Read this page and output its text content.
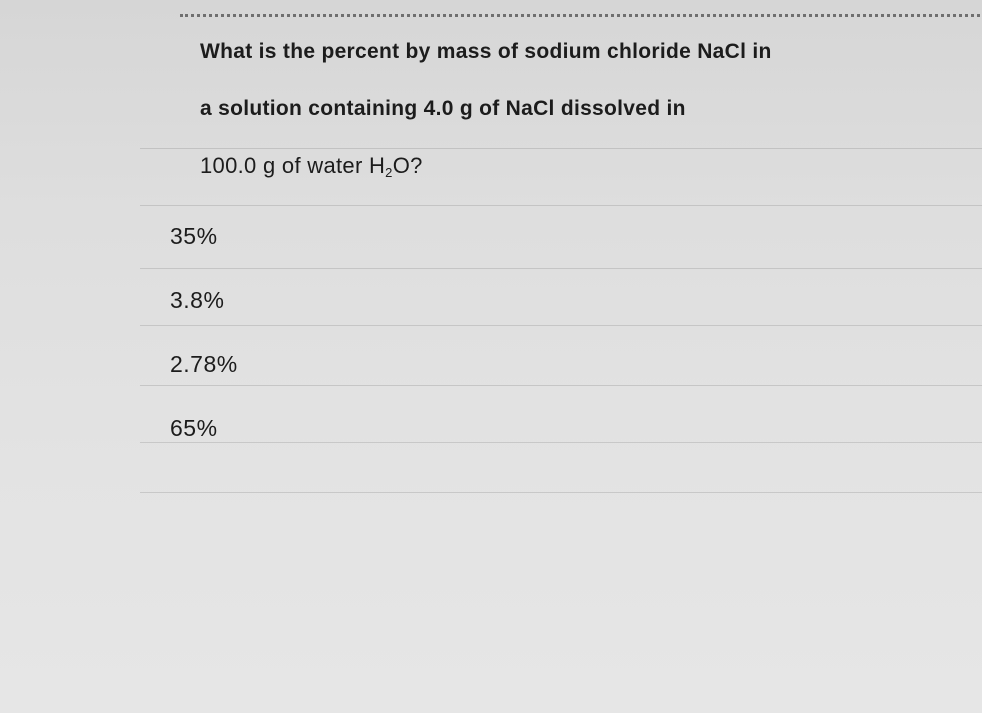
What is the percent by mass of sodium chloride NaCl in
a solution containing 4.0 g of NaCl dissolved in
100.0 g of water $H_2O$?
35%
3.8%
2.78%
65%
